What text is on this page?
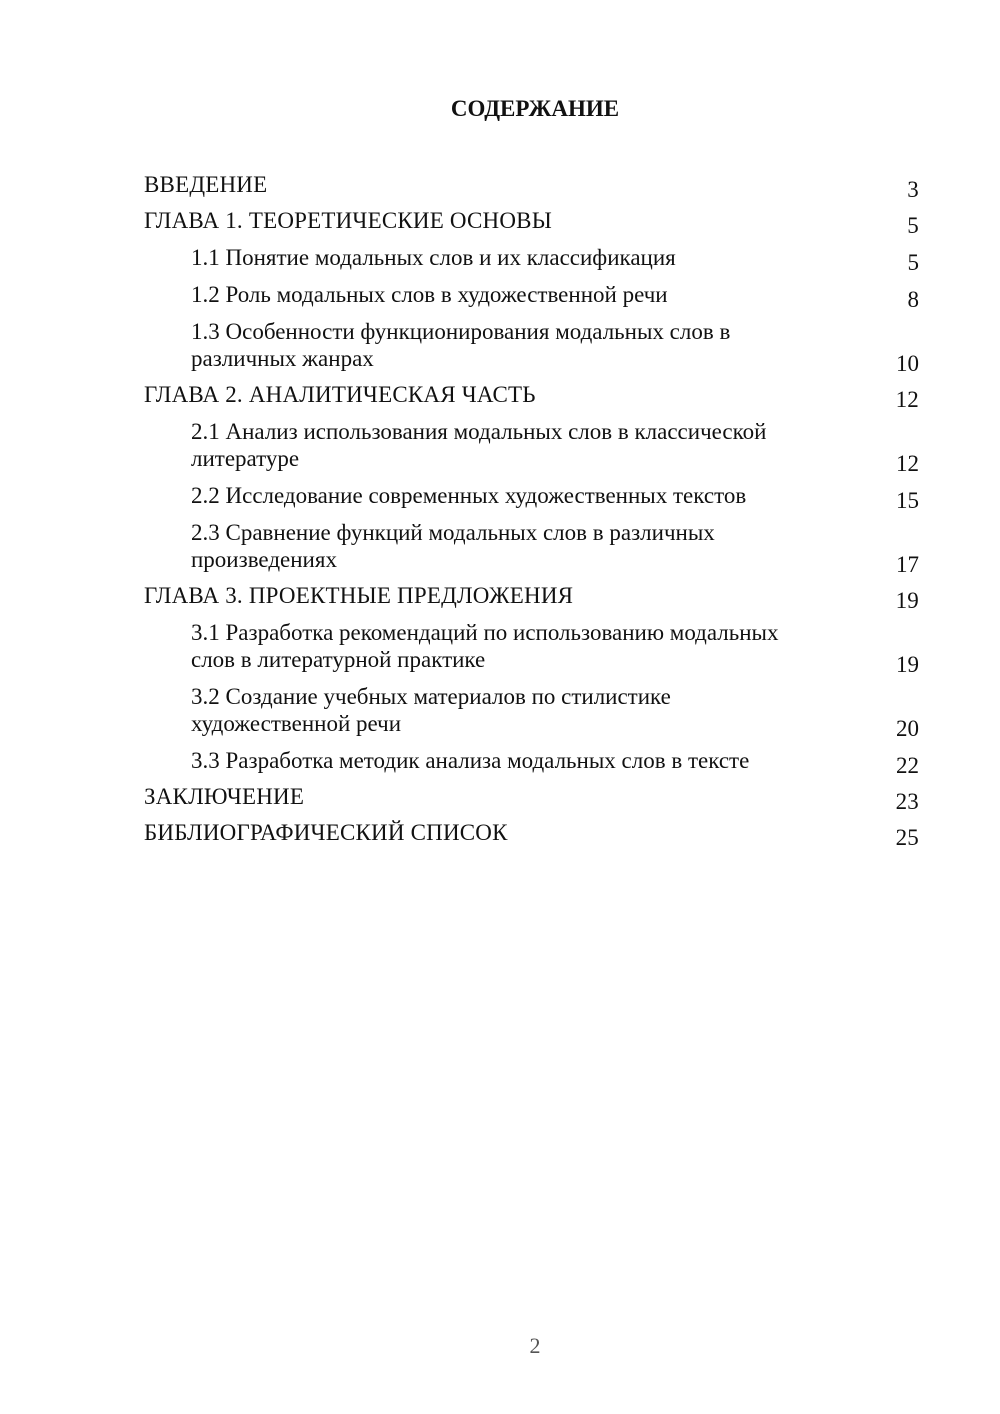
СОДЕРЖАНИЕ
ВВЕДЕНИЕ	3
ГЛАВА 1. ТЕОРЕТИЧЕСКИЕ ОСНОВЫ	5
1.1 Понятие модальных слов и их классификация	5
1.2 Роль модальных слов в художественной речи	8
1.3 Особенности функционирования модальных слов в различных жанрах	10
ГЛАВА 2. АНАЛИТИЧЕСКАЯ ЧАСТЬ	12
2.1 Анализ использования модальных слов в классической литературе	12
2.2 Исследование современных художественных текстов	15
2.3 Сравнение функций модальных слов в различных произведениях	17
ГЛАВА 3. ПРОЕКТНЫЕ ПРЕДЛОЖЕНИЯ	19
3.1 Разработка рекомендаций по использованию модальных слов в литературной практике	19
3.2 Создание учебных материалов по стилистике художественной речи	20
3.3 Разработка методик анализа модальных слов в тексте	22
ЗАКЛЮЧЕНИЕ	23
БИБЛИОГРАФИЧЕСКИЙ СПИСОК	25
2
